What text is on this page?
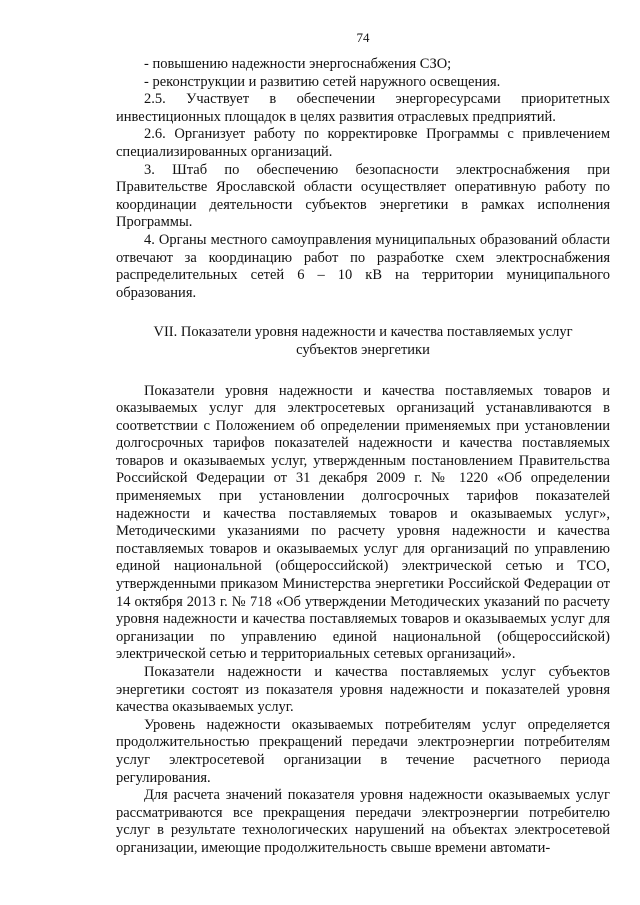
74

- повышению надежности энергоснабжения СЗО;

- реконструкции и развитию сетей наружного освещения.

2.5. Участвует в обеспечении энергоресурсами приоритетных инвестиционных площадок в целях развития отраслевых предприятий.

2.6. Организует работу по корректировке Программы с привлечением специализированных организаций.

3. Штаб по обеспечению безопасности электроснабжения при Правительстве Ярославской области осуществляет оперативную работу по координации деятельности субъектов энергетики в рамках исполнения Программы.

4. Органы местного самоуправления муниципальных образований области отвечают за координацию работ по разработке схем электроснабжения распределительных сетей 6 – 10 кВ на территории муниципального образования.

VII. Показатели уровня надежности и качества поставляемых услуг
субъектов энергетики

Показатели уровня надежности и качества поставляемых товаров и оказываемых услуг для электросетевых организаций устанавливаются в соответствии с Положением об определении применяемых при установлении долгосрочных тарифов показателей надежности и качества поставляемых товаров и оказываемых услуг, утвержденным постановлением Правительства Российской Федерации от 31 декабря 2009 г. № 1220 «Об определении применяемых при установлении долгосрочных тарифов показателей надежности и качества поставляемых товаров и оказываемых услуг», Методическими указаниями по расчету уровня надежности и качества поставляемых товаров и оказываемых услуг для организаций по управлению единой национальной (общероссийской) электрической сетью и ТСО, утвержденными приказом Министерства энергетики Российской Федерации от 14 октября 2013 г. № 718 «Об утверждении Методических указаний по расчету уровня надежности и качества поставляемых товаров и оказываемых услуг для организации по управлению единой национальной (общероссийской) электрической сетью и территориальных сетевых организаций».

Показатели надежности и качества поставляемых услуг субъектов энергетики состоят из показателя уровня надежности и показателей уровня качества оказываемых услуг.

Уровень надежности оказываемых потребителям услуг определяется продолжительностью прекращений передачи электроэнергии потребителям услуг электросетевой организации в течение расчетного периода регулирования.

Для расчета значений показателя уровня надежности оказываемых услуг рассматриваются все прекращения передачи электроэнергии потребителю услуг в результате технологических нарушений на объектах электросетевой организации, имеющие продолжительность свыше времени автомати-
